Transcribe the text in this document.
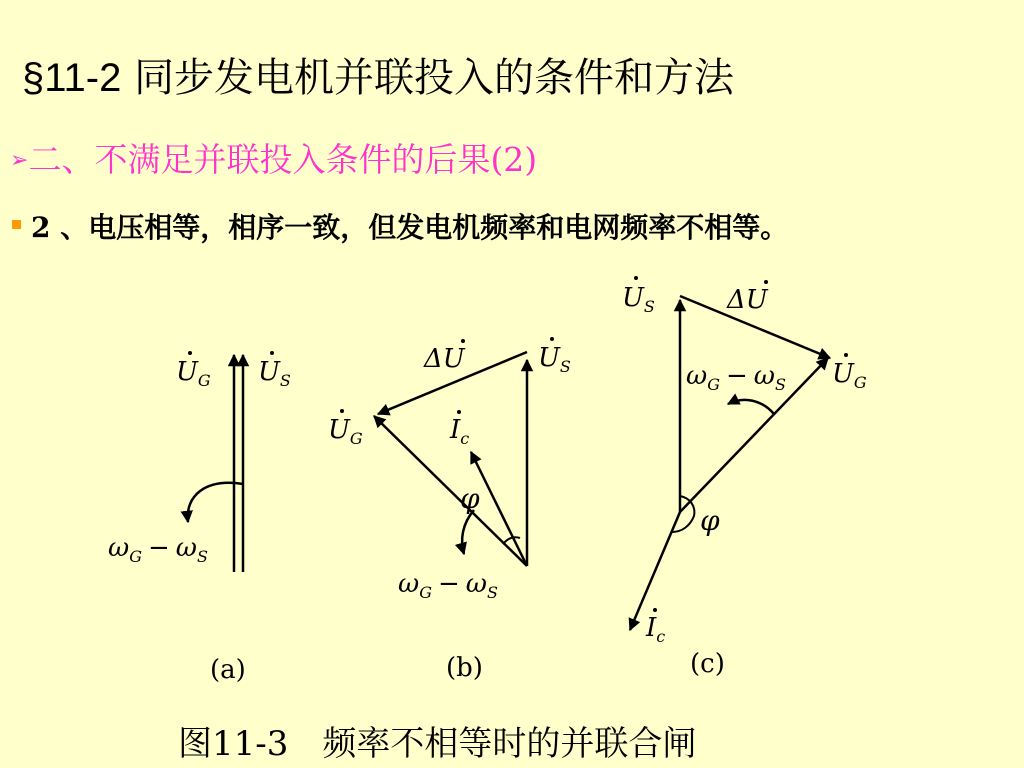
§11-2 同步发电机并联投入的条件和方法
➢二、不满足并联投入条件的后果(2)
2 、电压相等，相序一致，但发电机频率和电网频率不相等。
$U_G$ $U_S$
$\omega_G - \omega_S$
(a)
ΔU	$U_S$
$U_G$	$I_c$
φ
$\omega_G - \omega_S$
(b)
$U_S$	ΔU
$\omega_G - \omega_S$ $U_G$
φ
$I_c$
(c)
图11-3　频率不相等时的并联合闸
